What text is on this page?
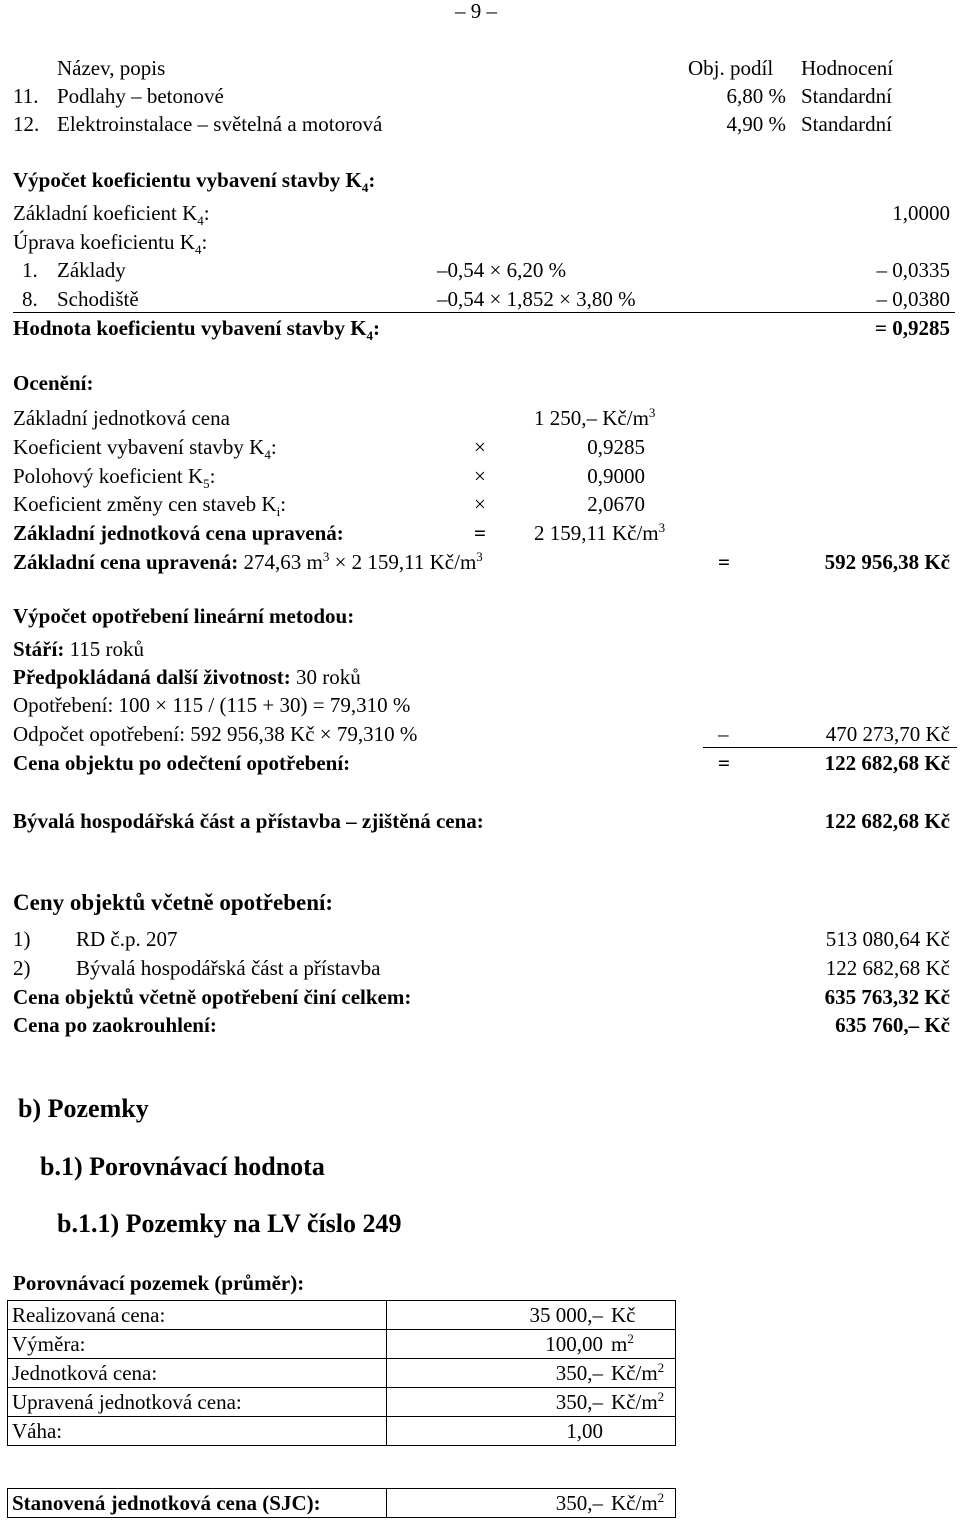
– 9 –
Název, popis	Obj. podíl Hodnocení
11. Podlahy – betonové	6,80 % Standardní
12. Elektroinstalace – světelná a motorová	4,90 % Standardní
Výpočet koeficientu vybavení stavby $K_4$:
Základní koeficient $K_4$:	1,0000
Úprava koeficientu $K_4$:
1. Základy	–0,54 × 6,20 %	– 0,0335
8. Schodiště	–0,54 × 1,852 × 3,80 %	– 0,0380
Hodnota koeficientu vybavení stavby $K_4$:	= 0,9285
Ocenění:
Základní jednotková cena	1 250,– $Kč/m^3$
Koeficient vybavení stavby $K_4$:	×	0,9285
Polohový koeficient $K_5$:	×	0,9000
Koeficient změny cen staveb $K_i$:	×	2,0670
Základní jednotková cena upravená:	= 2 159,11 $Kč/m^3$
Základní cena upravená: 274,63 $m^3 \times 2$ 159,11 $Kč/m^3$	=	592 956,38 Kč
Výpočet opotřebení lineární metodou:
Stáří: 115 roků
Předpokládaná další životnost: 30 roků
Opotřebení: 100 × 115 / (115 + 30) = 79,310 %
Odpočet opotřebení: 592 956,38 Kč × 79,310 %	–	470 273,70 Kč
Cena objektu po odečtení opotřebení:	=	122 682,68 Kč
Bývalá hospodářská část a přístavba – zjištěná cena:	122 682,68 Kč
Ceny objektů včetně opotřebení:
1) RD č.p. 207	513 080,64 Kč
2) Bývalá hospodářská část a přístavba	122 682,68 Kč
Cena objektů včetně opotřebení činí celkem:	635 763,32 Kč
Cena po zaokrouhlení:	635 760,– Kč
b) Pozemky
b.1) Porovnávací hodnota
b.1.1) Pozemky na LV číslo 249
Porovnávací pozemek (průměr):
Realizovaná cena:	35 000,–	Kč
Výměra:	100,00	$m^2$
Jednotková cena:	350,–	$Kč/m^2$
Upravená jednotková cena:	350,–	$Kč/m^2$
Váha:	1,00	
Stanovená jednotková cena (SJC):	350,–	$Kč/m^2$
